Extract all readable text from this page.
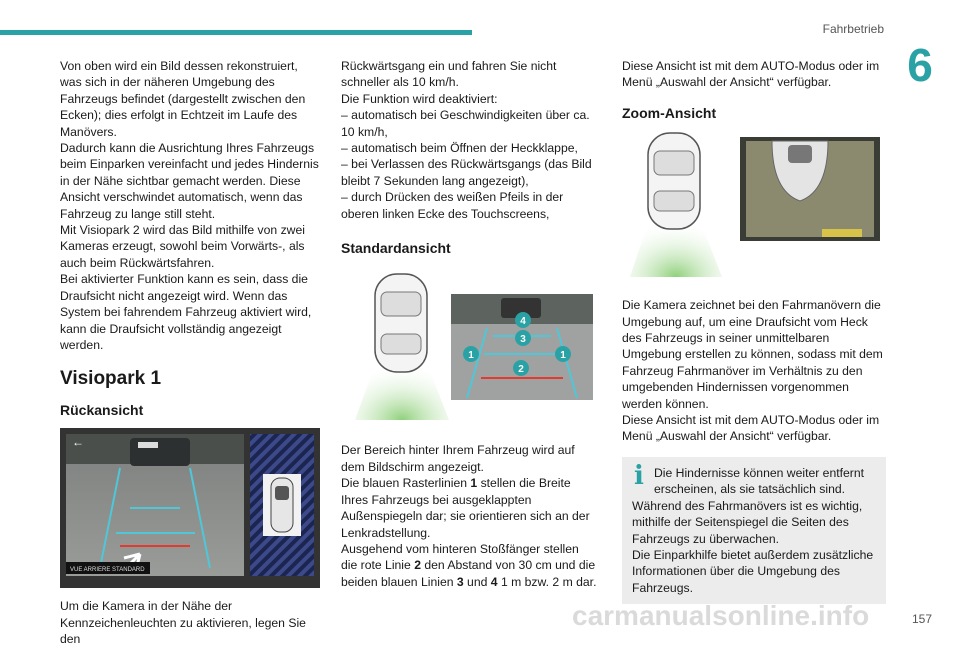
Fahrbetrieb
6

Von oben wird ein Bild dessen rekonstruiert, was sich in der näheren Umgebung des Fahrzeugs befindet (dargestellt zwischen den Ecken); dies erfolgt in Echtzeit im Laufe des Manövers.
Dadurch kann die Ausrichtung Ihres Fahrzeugs beim Einparken vereinfacht und jedes Hindernis in der Nähe sichtbar gemacht werden. Diese Ansicht verschwindet automatisch, wenn das Fahrzeug zu lange still steht.
Mit Visiopark 2 wird das Bild mithilfe von zwei Kameras erzeugt, sowohl beim Vorwärts-, als auch beim Rückwärtsfahren.
Bei aktivierter Funktion kann es sein, dass die Draufsicht nicht angezeigt wird. Wenn das System bei fahrendem Fahrzeug aktiviert wird, kann die Draufsicht vollständig angezeigt werden.

Visiopark 1
Rückansicht
←
VUE ARRIERE STANDARD

Um die Kamera in der Nähe der Kennzeichenleuchten zu aktivieren, legen Sie den

Rückwärtsgang ein und fahren Sie nicht schneller als 10 km/h.
Die Funktion wird deaktiviert:
– automatisch bei Geschwindigkeiten über ca. 10 km/h,
– automatisch beim Öffnen der Heckklappe,
– bei Verlassen des Rückwärtsgangs (das Bild bleibt 7 Sekunden lang angezeigt),
– durch Drücken des weißen Pfeils in der oberen linken Ecke des Touchscreens,

Standardansicht
4
3
1
2
1

Der Bereich hinter Ihrem Fahrzeug wird auf dem Bildschirm angezeigt.
Die blauen Rasterlinien 1 stellen die Breite Ihres Fahrzeugs bei ausgeklappten Außenspiegeln dar; sie orientieren sich an der Lenkradstellung.
Ausgehend vom hinteren Stoßfänger stellen die rote Linie 2 den Abstand von 30 cm und die beiden blauen Linien 3 und 4 1 m bzw. 2 m dar.

Diese Ansicht ist mit dem AUTO-Modus oder im Menü „Auswahl der Ansicht“ verfügbar.

Zoom-Ansicht

Die Kamera zeichnet bei den Fahrmanövern die Umgebung auf, um eine Draufsicht vom Heck des Fahrzeugs in seiner unmittelbaren Umgebung erstellen zu können, sodass mit dem Fahrzeug Fahrmanöver im Verhältnis zu den umgebenden Hindernissen vorgenommen werden können.
Diese Ansicht ist mit dem AUTO-Modus oder im Menü „Auswahl der Ansicht“ verfügbar.

i Die Hindernisse können weiter entfernt erscheinen, als sie tatsächlich sind.

Während des Fahrmanövers ist es wichtig, mithilfe der Seitenspiegel die Seiten des Fahrzeugs zu überwachen.
Die Einparkhilfe bietet außerdem zusätzliche Informationen über die Umgebung des Fahrzeugs.

carmanualsonline.info	157
